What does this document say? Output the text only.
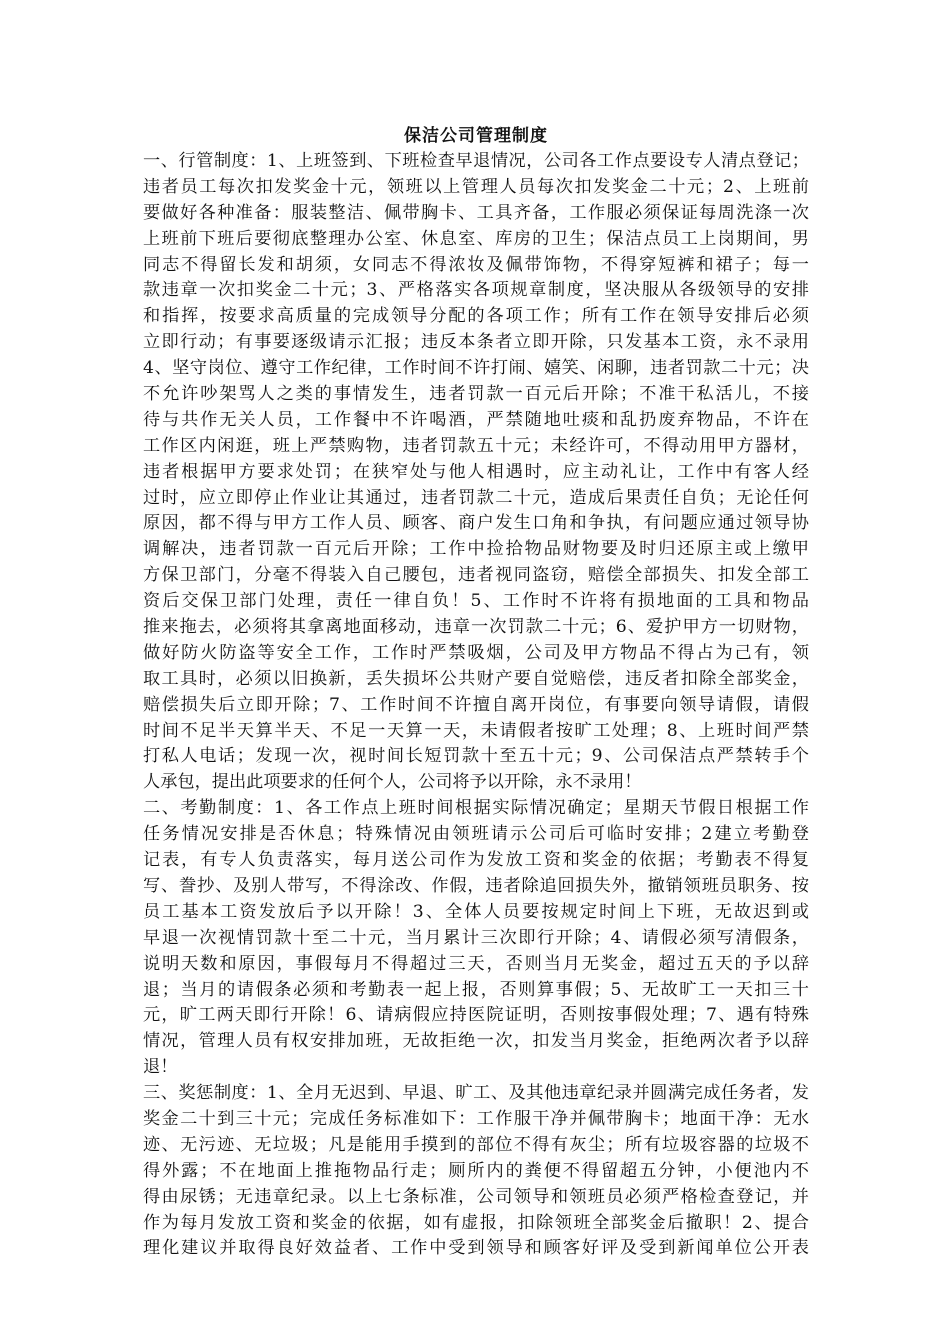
保洁公司管理制度
一、行管制度：1、上班签到、下班检查早退情况，公司各工作点要设专人清点登记；
违者员工每次扣发奖金十元，领班以上管理人员每次扣发奖金二十元；2、上班前
要做好各种准备：服装整洁、佩带胸卡、工具齐备，工作服必须保证每周洗涤一次
上班前下班后要彻底整理办公室、休息室、库房的卫生；保洁点员工上岗期间，男
同志不得留长发和胡须，女同志不得浓妆及佩带饰物，不得穿短裤和裙子；每一
款违章一次扣奖金二十元；3、严格落实各项规章制度，坚决服从各级领导的安排
和指挥，按要求高质量的完成领导分配的各项工作；所有工作在领导安排后必须
立即行动；有事要逐级请示汇报；违反本条者立即开除，只发基本工资，永不录用
4、坚守岗位、遵守工作纪律，工作时间不许打闹、嬉笑、闲聊，违者罚款二十元；决
不允许吵架骂人之类的事情发生，违者罚款一百元后开除；不准干私活儿，不接
待与共作无关人员，工作餐中不许喝酒，严禁随地吐痰和乱扔废弃物品，不许在
工作区内闲逛，班上严禁购物，违者罚款五十元；未经许可，不得动用甲方器材，
违者根据甲方要求处罚；在狭窄处与他人相遇时，应主动礼让，工作中有客人经
过时，应立即停止作业让其通过，违者罚款二十元，造成后果责任自负；无论任何
原因，都不得与甲方工作人员、顾客、商户发生口角和争执，有问题应通过领导协
调解决，违者罚款一百元后开除；工作中捡拾物品财物要及时归还原主或上缴甲
方保卫部门，分毫不得装入自己腰包，违者视同盗窃，赔偿全部损失、扣发全部工
资后交保卫部门处理，责任一律自负！5、工作时不许将有损地面的工具和物品
推来拖去，必须将其拿离地面移动，违章一次罚款二十元；6、爱护甲方一切财物，
做好防火防盗等安全工作，工作时严禁吸烟，公司及甲方物品不得占为己有，领
取工具时，必须以旧换新，丢失损坏公共财产要自觉赔偿，违反者扣除全部奖金，
赔偿损失后立即开除；7、工作时间不许擅自离开岗位，有事要向领导请假，请假
时间不足半天算半天、不足一天算一天，未请假者按旷工处理；8、上班时间严禁
打私人电话；发现一次，视时间长短罚款十至五十元；9、公司保洁点严禁转手个
人承包，提出此项要求的任何个人，公司将予以开除，永不录用！
二、考勤制度：1、各工作点上班时间根据实际情况确定；星期天节假日根据工作
任务情况安排是否休息；特殊情况由领班请示公司后可临时安排；2建立考勤登
记表，有专人负责落实，每月送公司作为发放工资和奖金的依据；考勤表不得复
写、誊抄、及别人带写，不得涂改、作假，违者除追回损失外，撤销领班员职务、按
员工基本工资发放后予以开除！3、全体人员要按规定时间上下班，无故迟到或
早退一次视情罚款十至二十元，当月累计三次即行开除；4、请假必须写清假条，
说明天数和原因，事假每月不得超过三天，否则当月无奖金，超过五天的予以辞
退；当月的请假条必须和考勤表一起上报，否则算事假；5、无故旷工一天扣三十
元，旷工两天即行开除！6、请病假应持医院证明，否则按事假处理；7、遇有特殊
情况，管理人员有权安排加班，无故拒绝一次，扣发当月奖金，拒绝两次者予以辞
退！
三、奖惩制度：1、全月无迟到、早退、旷工、及其他违章纪录并圆满完成任务者，发
奖金二十到三十元；完成任务标准如下：工作服干净并佩带胸卡；地面干净：无水
迹、无污迹、无垃圾；凡是能用手摸到的部位不得有灰尘；所有垃圾容器的垃圾不
得外露；不在地面上推拖物品行走；厕所内的粪便不得留超五分钟，小便池内不
得由尿锈；无违章纪录。以上七条标准，公司领导和领班员必须严格检查登记，并
作为每月发放工资和奖金的依据，如有虚报，扣除领班全部奖金后撤职！2、提合
理化建议并取得良好效益者、工作中受到领导和顾客好评及受到新闻单位公开表
